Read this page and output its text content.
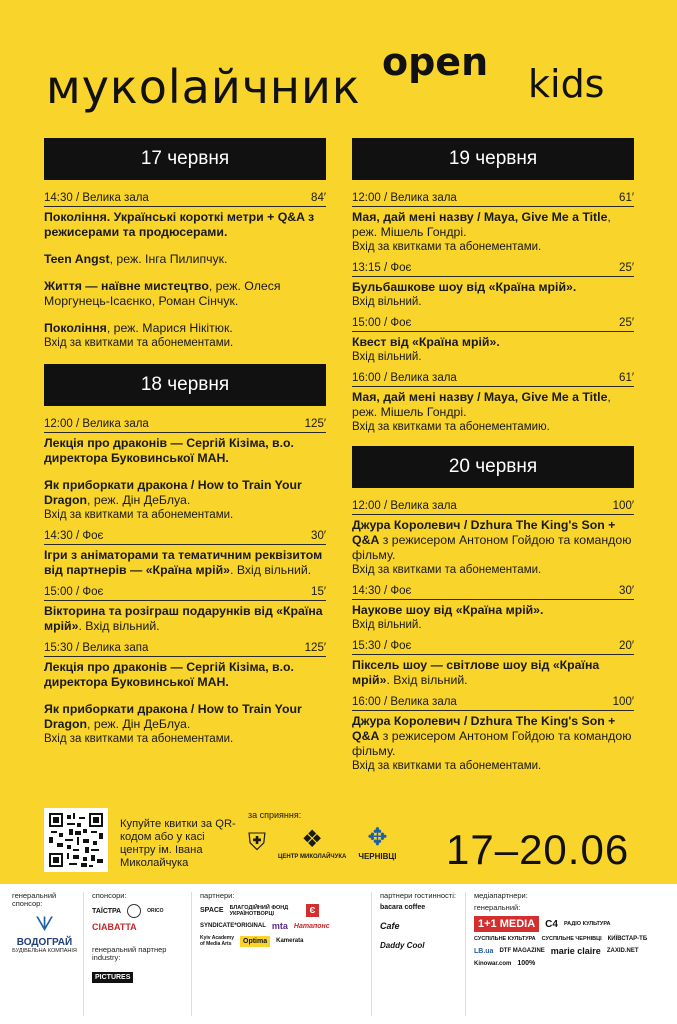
мyкolaйчник open kids
17 червня
14:30 / Велика зала	84′
Покоління. Українські короткі метри + Q&A з режисерами та продюсерами.
Teen Angst, реж. Інга Пилипчук.
Життя — наївне мистецтво, реж. Олеся Моргунець-Ісаєнко, Роман Сінчук.
Покоління, реж. Марися Нікітюк.
Вхід за квитками та абонементами.
18 червня
12:00 / Велика зала	125′
Лекція про драконів — Сергій Кізіма, в.о. директора Буковинської МАН.
Як приборкати дракона / How to Train Your Dragon, реж. Дін ДеБлуа.
Вхід за квитками та абонементами.
14:30 / Фоє	30′
Ігри з аніматорами та тематичним реквізитом від партнерів — «Країна мрій». Вхід вільний.
15:00 / Фоє	15′
Вікторина та розіграш подарунків від «Країна мрій». Вхід вільний.
15:30 / Велика запа	125′
Лекція про драконів — Сергій Кізіма, в.о. директора Буковинської МАН.
Як приборкати дракона / How to Train Your Dragon, реж. Дін ДеБлуа.
Вхід за квитками та абонементами.
19 червня
12:00 / Велика зала	61′
Мая, дай мені назву / Maya, Give Me a Title, реж. Мішель Гондрі.
Вхід за квитками та абонементами.
13:15 / Фоє	25′
Бульбашкове шоу від «Країна мрій».
Вхід вільний.
15:00 / Фоє	25′
Квест від «Країна мрій».
Вхід вільний.
16:00 / Велика зала	61′
Мая, дай мені назву / Maya, Give Me a Title, реж. Мішель Гондрі.
Вхід за квитками та абонементамию.
20 червня
12:00 / Велика зала	100′
Джура Королевич / Dzhura The King's Son + Q&A з режисером Антоном Гойдою та командою фільму.
Вхід за квитками та абонементами.
14:30 / Фоє	30′
Наукове шоу від «Країна мрій».
Вхід вільний.
15:30 / Фоє	20′
Піксель шоу — світлове шоу від «Країна мрій». Вхід вільний.
16:00 / Велика зала	100′
Джура Королевич / Dzhura The King's Son + Q&A з режисером Антоном Гойдою та командою фільму.
Вхід за квитками та абонементами.
Купуйте квитки за QR-кодом або у касі центру ім. Івана Миколайчука
за сприяння:
⛨ ❖
ЦЕНТР МИКОЛАЙЧУКА
✥
ЧЕРНІВЦІ 17–20.06
генеральний спонсор:
ᗐ
ВОДОГРАЙ
БУДІВЕЛЬНА КОМПАНІЯ
спонсори:
ТАЇСТРА	ORICO
CIABATTA
генеральний партнер industry:
PICTURES
партнери:
SPACE БЛАГОДІЙНИЙ ФОНД УКРАЇНОТВОРЦІ	Є
SYNDICATE*ORIGINAL mta Натапонс
Kyiv Academy of Media Arts	Optima	Kamerata
партнери гостинності:
bacara coffee
Cafe
Daddy Cool
медіапартнери:
генеральний:
1+1 MEDIA	C4 РАДІО КУЛЬТУРА
СУСПІЛЬНЕ КУЛЬТУРА СУСПІЛЬНЕ ЧЕРНІВЦІ КИЇВСТАР-ТБ
LB.ua DTF MAGAZINE marie claire ZAXID.NET
Kinowar.com 100%
